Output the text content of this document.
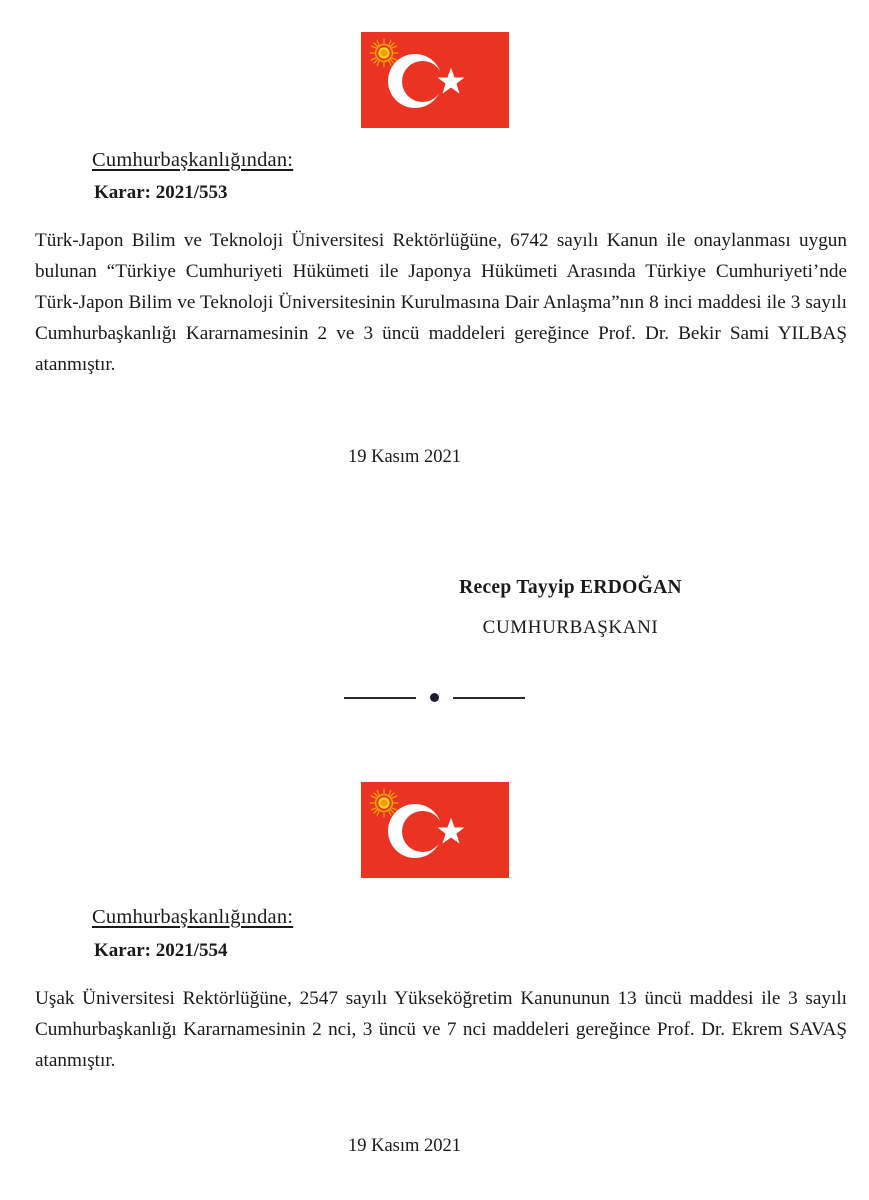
Cumhurbaşkanlığından:

Karar: 2021/553

Türk-Japon Bilim ve Teknoloji Üniversitesi Rektörlüğüne, 6742 sayılı Kanun ile onaylanması uygun bulunan “Türkiye Cumhuriyeti Hükümeti ile Japonya Hükümeti Arasında Türkiye Cumhuriyeti’nde Türk-Japon Bilim ve Teknoloji Üniversitesinin Kurulmasına Dair Anlaşma”nın 8 inci maddesi ile 3 sayılı Cumhurbaşkanlığı Kararnamesinin 2 ve 3 üncü maddeleri gereğince Prof. Dr. Bekir Sami YILBAŞ atanmıştır.

19 Kasım 2021

Recep Tayyip ERDOĞAN

CUMHURBAŞKANI

Cumhurbaşkanlığından:

Karar: 2021/554

Uşak Üniversitesi Rektörlüğüne, 2547 sayılı Yükseköğretim Kanununun 13 üncü maddesi ile 3 sayılı Cumhurbaşkanlığı Kararnamesinin 2 nci, 3 üncü ve 7 nci maddeleri gereğince Prof. Dr. Ekrem SAVAŞ atanmıştır.

19 Kasım 2021
